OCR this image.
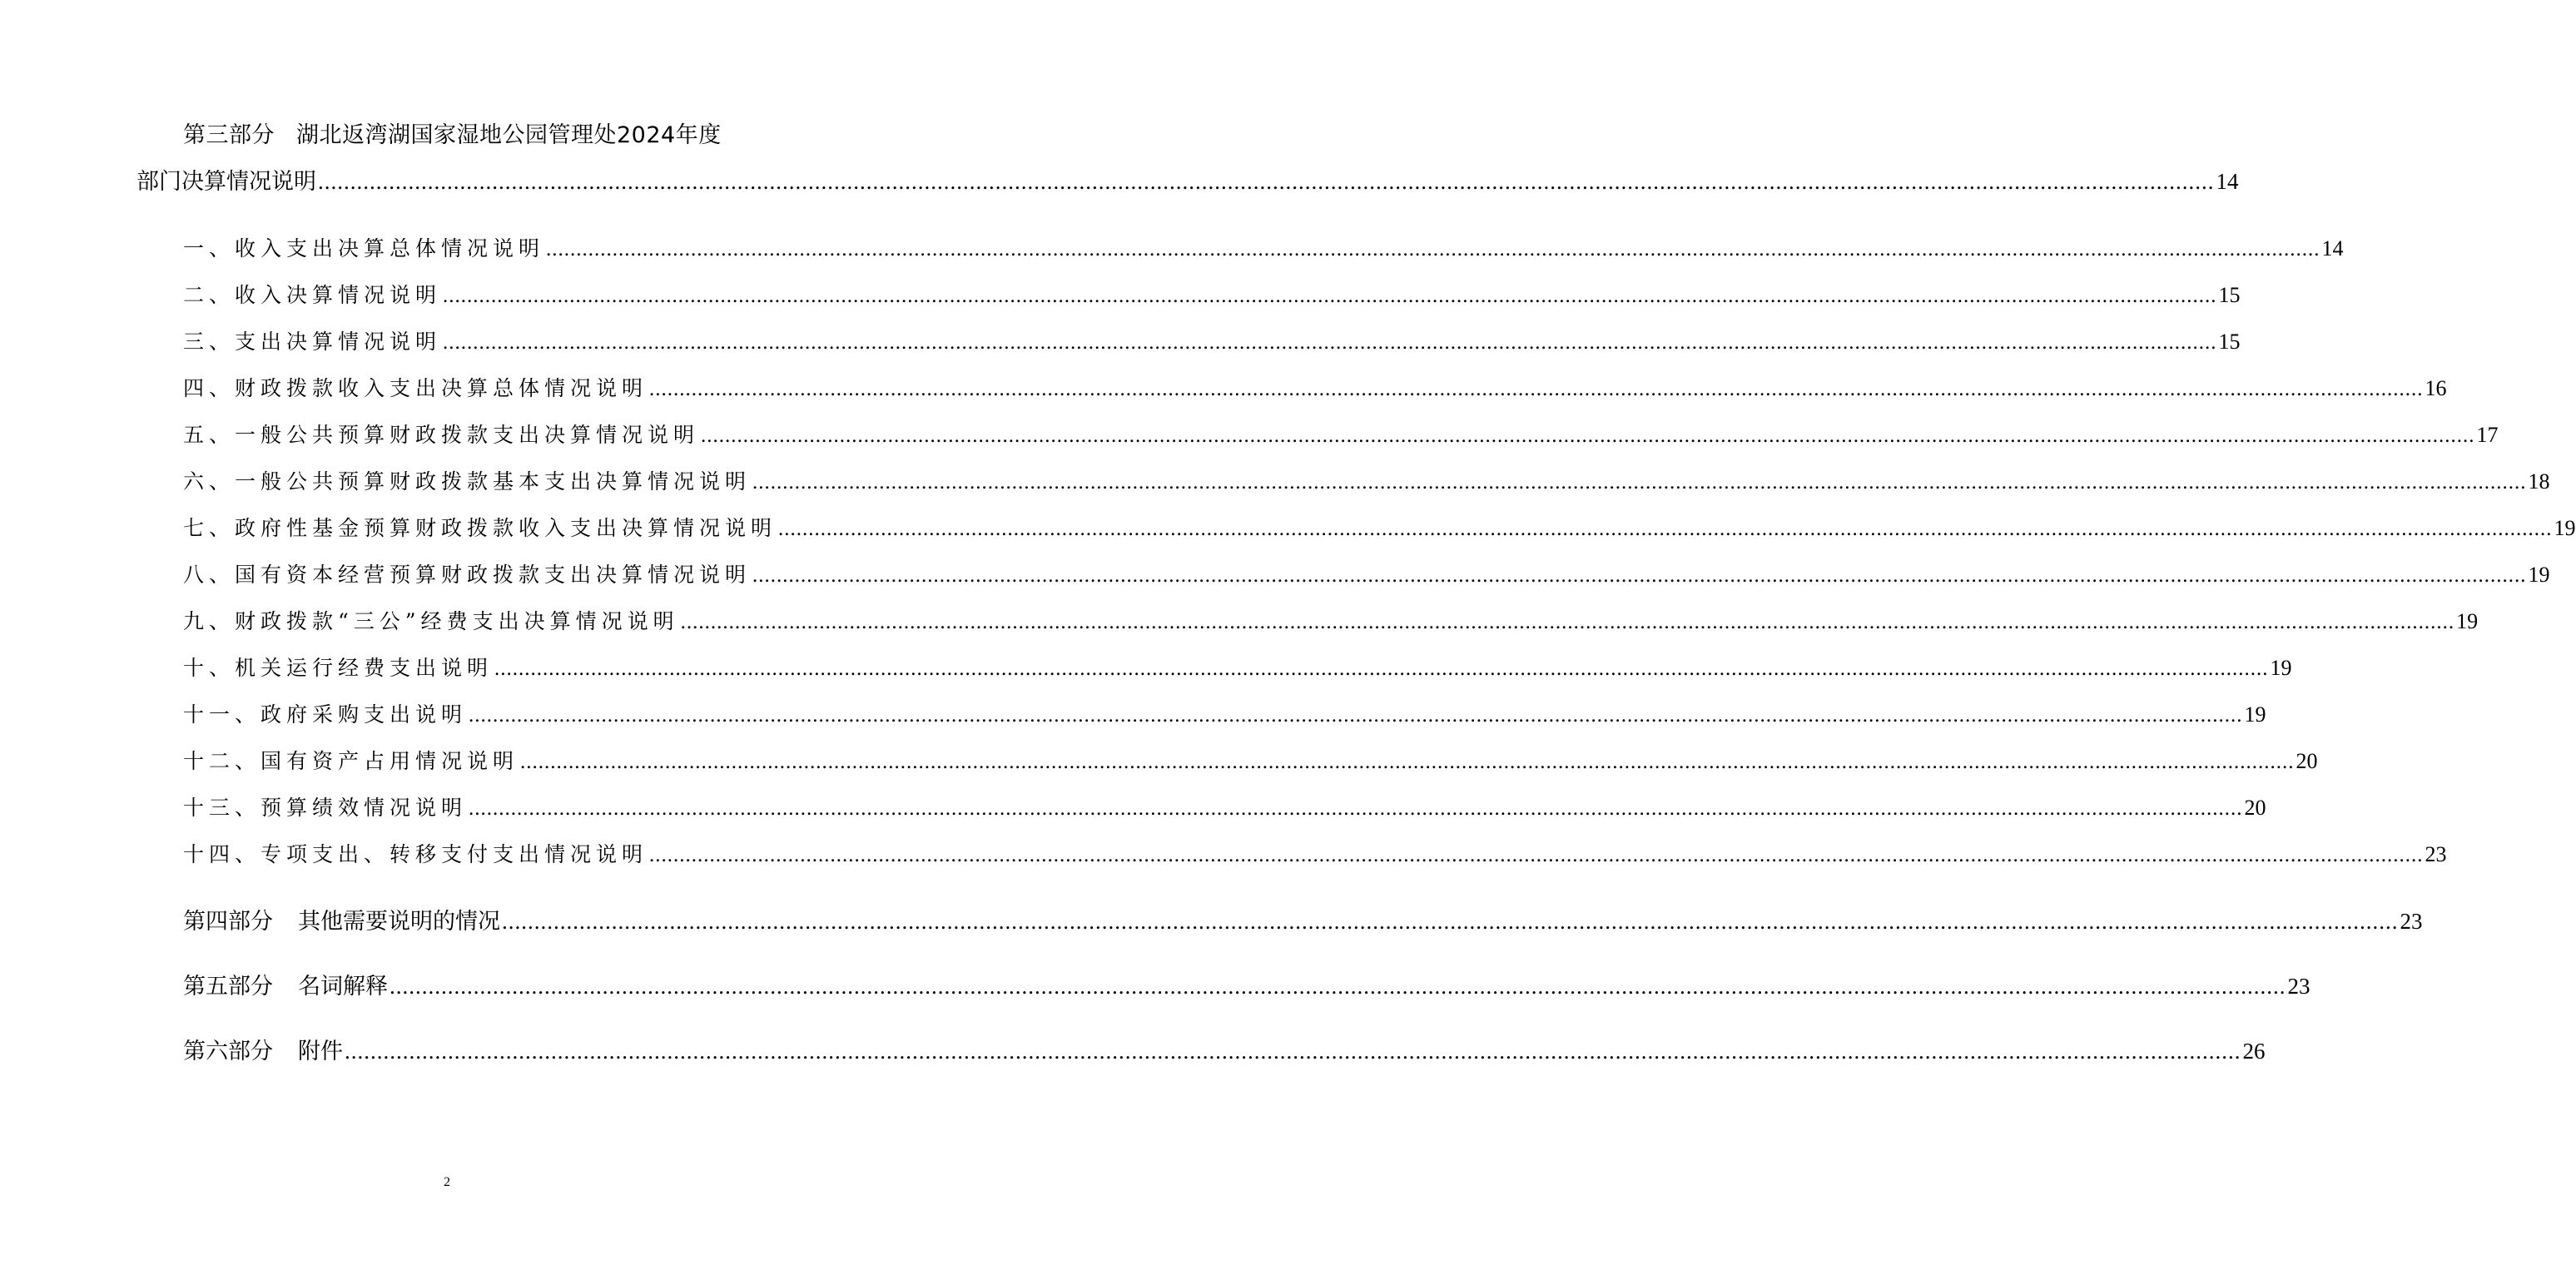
第三部分 湖北返湾湖国家湿地公园管理处2024年度
部门决算情况说明 .....	14
一、收入支出决算总体情况说明 .....	14
二、收入决算情况说明 .....	15
三、支出决算情况说明 .....	15
四、财政拨款收入支出决算总体情况说明 .....	16
五、一般公共预算财政拨款支出决算情况说明 .....	17
六、一般公共预算财政拨款基本支出决算情况说明 .....	18
七、政府性基金预算财政拨款收入支出决算情况说明 .....	19
八、国有资本经营预算财政拨款支出决算情况说明 .....	19
九、财政拨款“三公”经费支出决算情况说明 .....	19
十、机关运行经费支出说明 .....	19
十一、政府采购支出说明 .....	19
十二、国有资产占用情况说明 .....	20
十三、预算绩效情况说明 .....	20
十四、专项支出、转移支付支出情况说明 .....	23
第四部分 其他需要说明的情况 .....	23
第五部分 名词解释 .....	23
第六部分 附件 .....	26
2
